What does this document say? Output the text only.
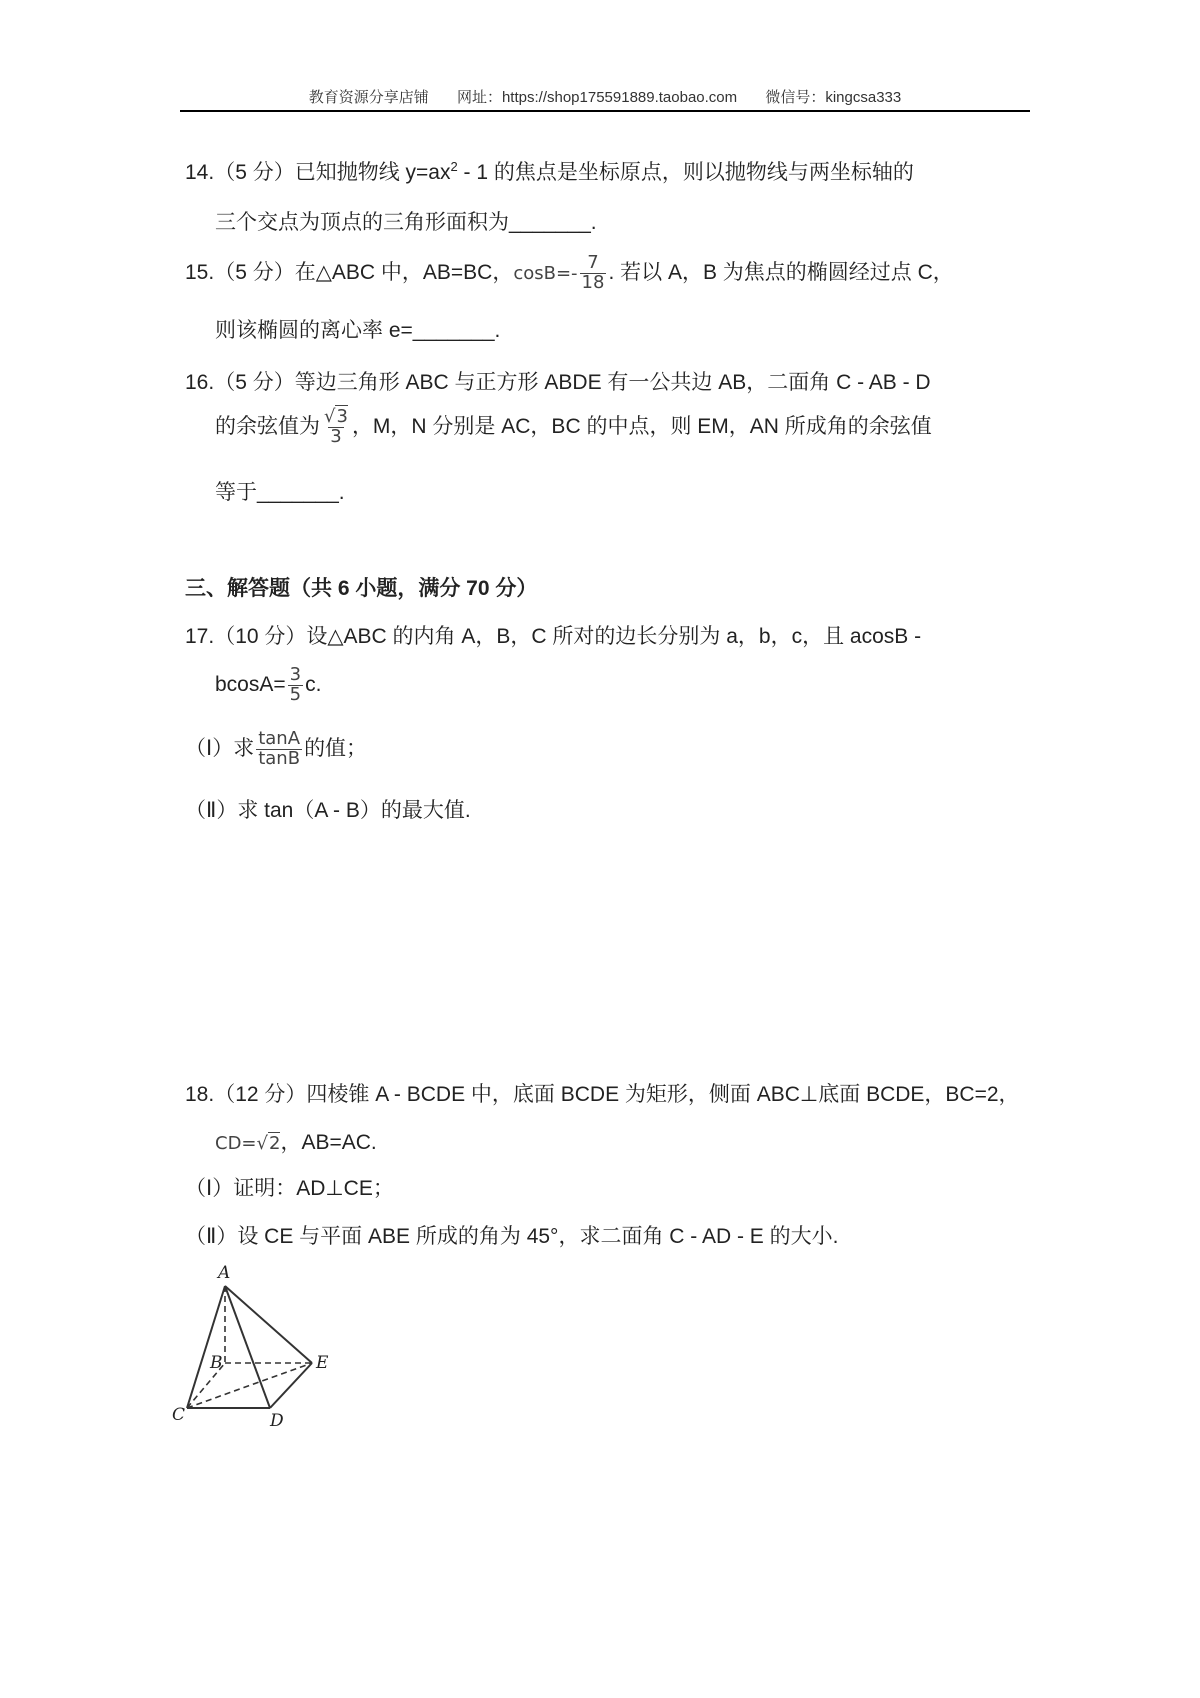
教育资源分享店铺 网址：https://shop175591889.taobao.com 微信号：kingcsa333
14.（5 分）已知抛物线 $y=ax^2 - 1$ 的焦点是坐标原点，则以抛物线与两坐标轴的
三个交点为顶点的三角形面积为_______.
15.（5 分）在△ABC 中，AB=BC，$\cos B=- \frac{7}{18}$ . 若以 A，B 为焦点的椭圆经过点 C，
则该椭圆的离心率 e=_______.
16.（5 分）等边三角形 ABC 与正方形 ABDE 有一公共边 AB，二面角 C - AB - D
的余弦值为 $\frac{√3}{3}$ ，M，N 分别是 AC，BC 的中点，则 EM，AN 所成角的余弦值
等于_______.
三、解答题（共 6 小题，满分 70 分）
17.（10 分）设△ABC 的内角 A，B，C 所对的边长分别为 a，b，c，且 acosB -
$bcosA= \frac{3}{5} c$.
（Ⅰ）求 $\frac{\tan A}{\tan B}$ 的值；
（Ⅱ）求 tan（A - B）的最大值.
18.（12 分）四棱锥 A - BCDE 中，底面 BCDE 为矩形，侧面 ABC⊥底面 BCDE，BC=2，
CD=√2，AB=AC.
（Ⅰ）证明：AD⊥CE；
（Ⅱ）设 CE 与平面 ABE 所成的角为 45°，求二面角 C - AD - E 的大小.
A
B
C	D
E
